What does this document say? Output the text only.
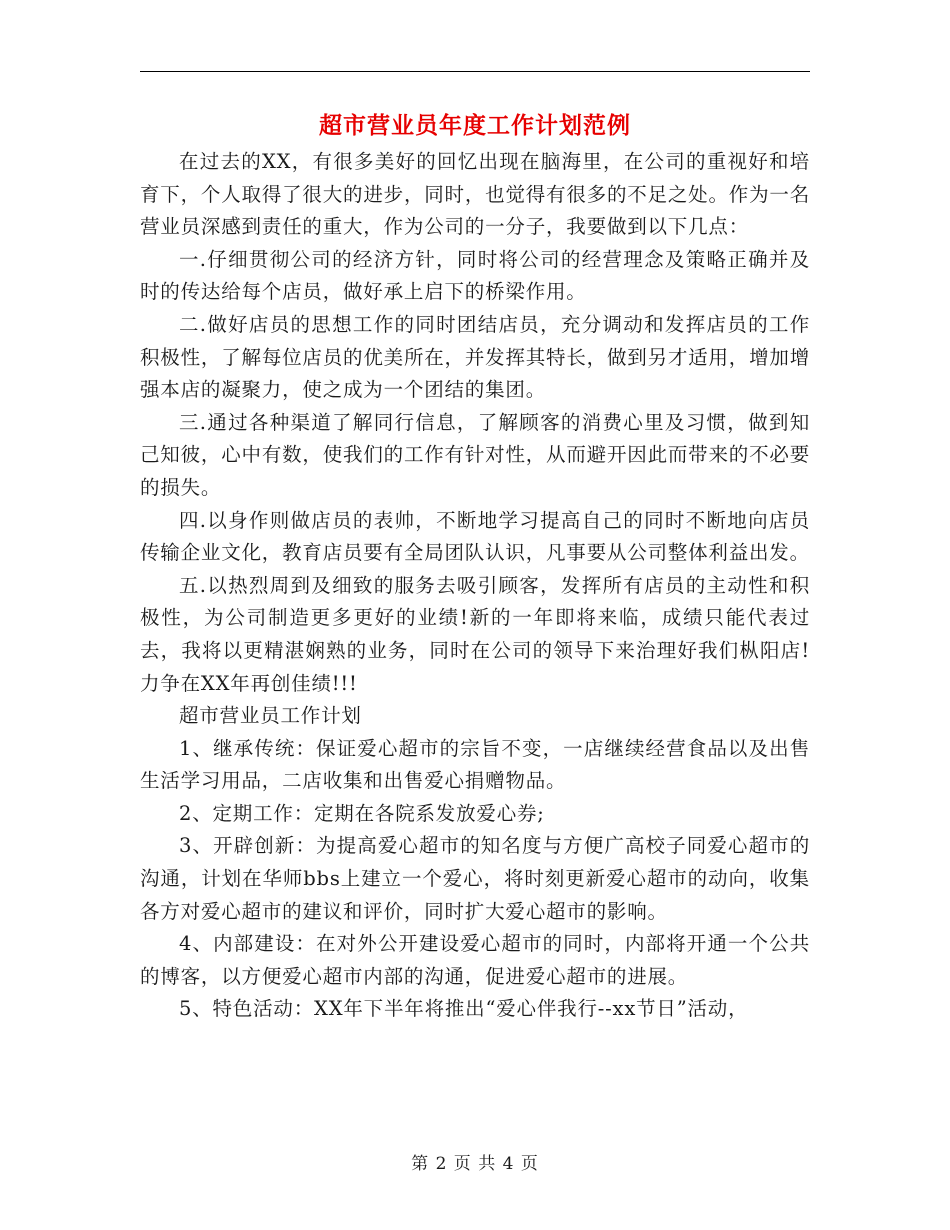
超市营业员年度工作计划范例

在过去的XX，有很多美好的回忆出现在脑海里，在公司的重视好和培育下，个人取得了很大的进步，同时，也觉得有很多的不足之处。作为一名营业员深感到责任的重大，作为公司的一分子，我要做到以下几点：

一.仔细贯彻公司的经济方针，同时将公司的经营理念及策略正确并及时的传达给每个店员，做好承上启下的桥梁作用。

二.做好店员的思想工作的同时团结店员，充分调动和发挥店员的工作积极性，了解每位店员的优美所在，并发挥其特长，做到另才适用，增加增强本店的凝聚力，使之成为一个团结的集团。

三.通过各种渠道了解同行信息，了解顾客的消费心里及习惯，做到知己知彼，心中有数，使我们的工作有针对性，从而避开因此而带来的不必要的损失。

四.以身作则做店员的表帅，不断地学习提高自己的同时不断地向店员传输企业文化，教育店员要有全局团队认识，凡事要从公司整体利益出发。

五.以热烈周到及细致的服务去吸引顾客，发挥所有店员的主动性和积极性，为公司制造更多更好的业绩!新的一年即将来临，成绩只能代表过去，我将以更精湛娴熟的业务，同时在公司的领导下来治理好我们枞阳店!力争在XX年再创佳绩!!!

超市营业员工作计划

1、继承传统：保证爱心超市的宗旨不变，一店继续经营食品以及出售生活学习用品，二店收集和出售爱心捐赠物品。

2、定期工作：定期在各院系发放爱心券;

3、开辟创新：为提高爱心超市的知名度与方便广高校子同爱心超市的沟通，计划在华师bbs上建立一个爱心，将时刻更新爱心超市的动向，收集各方对爱心超市的建议和评价，同时扩大爱心超市的影响。

4、内部建设：在对外公开建设爱心超市的同时，内部将开通一个公共的博客，以方便爱心超市内部的沟通，促进爱心超市的进展。

5、特色活动：XX年下半年将推出“爱心伴我行--xx节日”活动，

第 2 页 共 4 页
